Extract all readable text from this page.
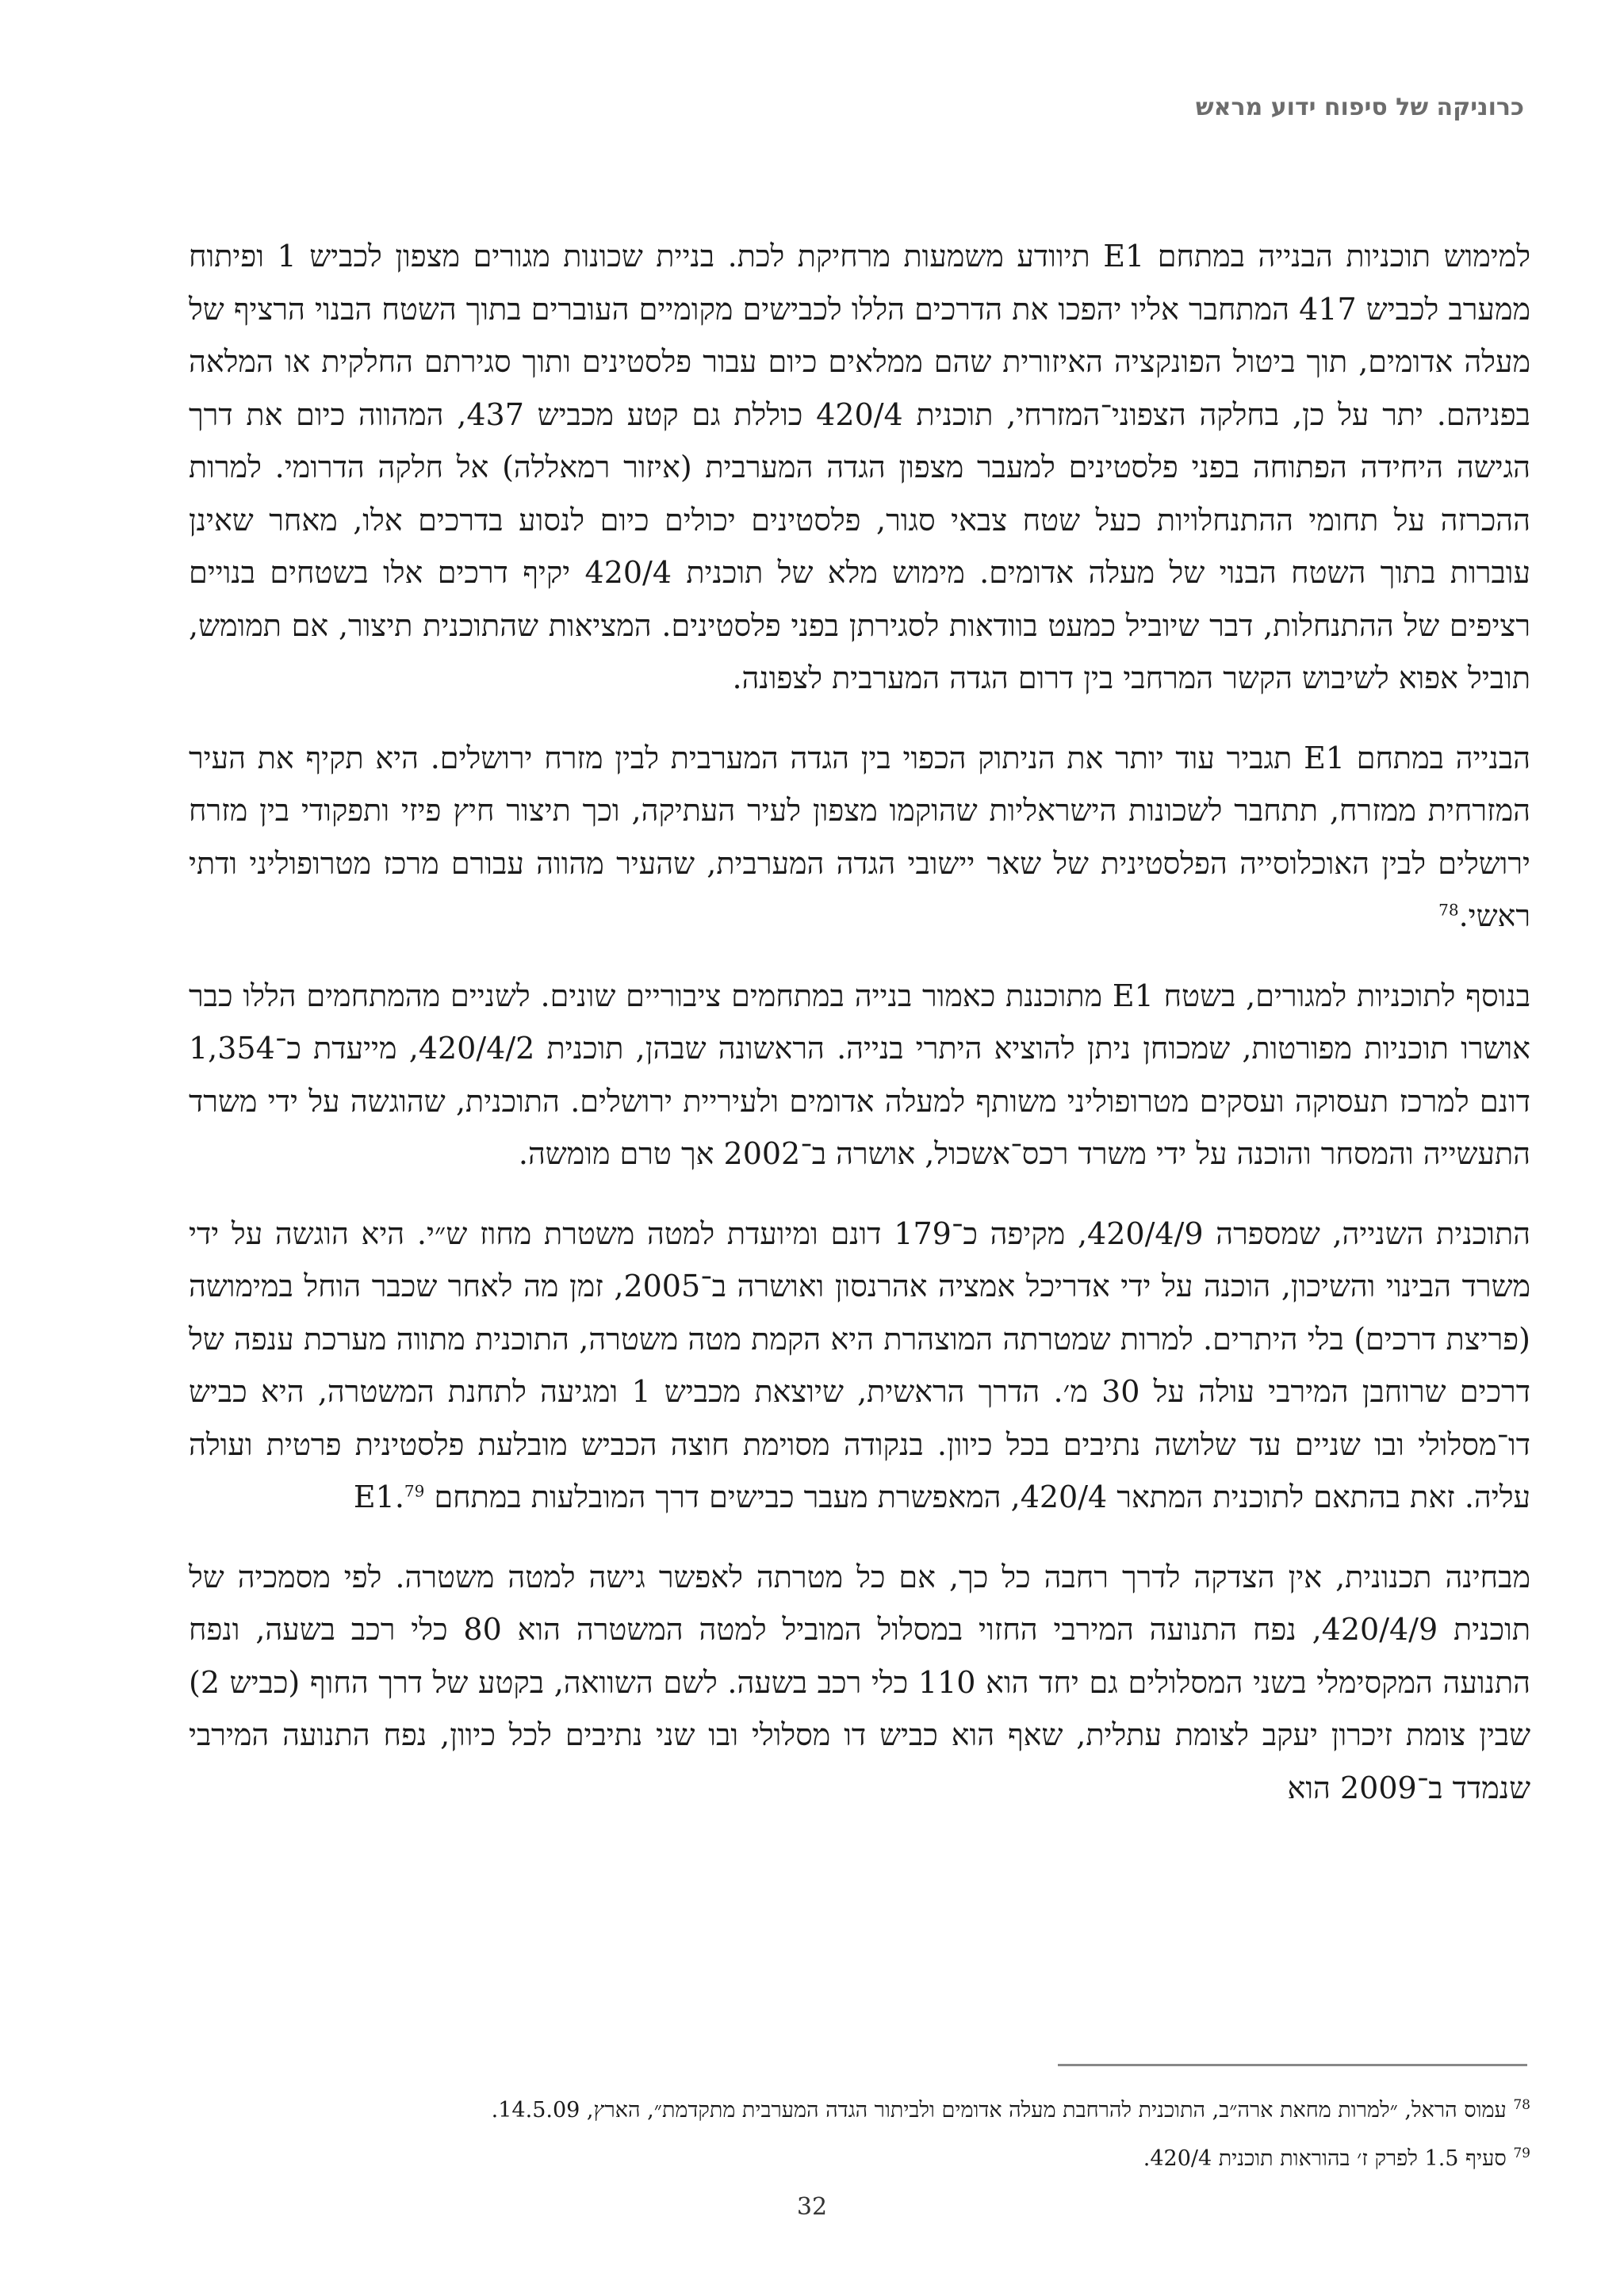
כרוניקה של סיפוח ידוע מראש

למימוש תוכניות הבנייה במתחם E1 תיוודע משמעות מרחיקת לכת. בניית שכונות מגורים מצפון לכביש 1 ופיתוח ממערב לכביש 417 המתחבר אליו יהפכו את הדרכים הללו לכבישים מקומיים העוברים בתוך השטח הבנוי הרציף של מעלה אדומים, תוך ביטול הפונקציה האיזורית שהם ממלאים כיום עבור פלסטינים ותוך סגירתם החלקית או המלאה בפניהם. יתר על כן, בחלקה הצפוני־המזרחי, תוכנית 420/4 כוללת גם קטע מכביש 437, המהווה כיום את דרך הגישה היחידה הפתוחה בפני פלסטינים למעבר מצפון הגדה המערבית (איזור רמאללה) אל חלקה הדרומי. למרות ההכרזה על תחומי ההתנחלויות כעל שטח צבאי סגור, פלסטינים יכולים כיום לנסוע בדרכים אלו, מאחר שאינן עוברות בתוך השטח הבנוי של מעלה אדומים. מימוש מלא של תוכנית 420/4 יקיף דרכים אלו בשטחים בנויים רציפים של ההתנחלות, דבר שיוביל כמעט בוודאות לסגירתן בפני פלסטינים. המציאות שהתוכנית תיצור, אם תמומש, תוביל אפוא לשיבוש הקשר המרחבי בין דרום הגדה המערבית לצפונה.

הבנייה במתחם E1 תגביר עוד יותר את הניתוק הכפוי בין הגדה המערבית לבין מזרח ירושלים. היא תקיף את העיר המזרחית ממזרח, תתחבר לשכונות הישראליות שהוקמו מצפון לעיר העתיקה, וכך תיצור חיץ פיזי ותפקודי בין מזרח ירושלים לבין האוכלוסייה הפלסטינית של שאר יישובי הגדה המערבית, שהעיר מהווה עבורם מרכז מטרופוליני ודתי ראשי.$^{78}$

בנוסף לתוכניות למגורים, בשטח E1 מתוכננת כאמור בנייה במתחמים ציבוריים שונים. לשניים מהמתחמים הללו כבר אושרו תוכניות מפורטות, שמכוחן ניתן להוציא היתרי בנייה. הראשונה שבהן, תוכנית 420/4/2, מייעדת כ־1,354 דונם למרכז תעסוקה ועסקים מטרופוליני משותף למעלה אדומים ולעיריית ירושלים. התוכנית, שהוגשה על ידי משרד התעשייה והמסחר והוכנה על ידי משרד רכס־אשכול, אושרה ב־2002 אך טרם מומשה.

התוכנית השנייה, שמספרה 420/4/9, מקיפה כ־179 דונם ומיועדת למטה משטרת מחוז ש״י. היא הוגשה על ידי משרד הבינוי והשיכון, הוכנה על ידי אדריכל אמציה אהרנסון ואושרה ב־2005, זמן מה לאחר שכבר הוחל במימושה (פריצת דרכים) בלי היתרים. למרות שמטרתה המוצהרת היא הקמת מטה משטרה, התוכנית מתווה מערכת ענפה של דרכים שרוחבן המירבי עולה על 30 מ׳. הדרך הראשית, שיוצאת מכביש 1 ומגיעה לתחנת המשטרה, היא כביש דו־מסלולי ובו שניים עד שלושה נתיבים בכל כיוון. בנקודה מסוימת חוצה הכביש מובלעת פלסטינית פרטית ועולה עליה. זאת בהתאם לתוכנית המתאר 420/4, המאפשרת מעבר כבישים דרך המובלעות במתחם E1.79

מבחינה תכנונית, אין הצדקה לדרך רחבה כל כך, אם כל מטרתה לאפשר גישה למטה משטרה. לפי מסמכיה של תוכנית 420/4/9, נפח התנועה המירבי החזוי במסלול המוביל למטה המשטרה הוא 80 כלי רכב בשעה, ונפח התנועה המקסימלי בשני המסלולים גם יחד הוא 110 כלי רכב בשעה. לשם השוואה, בקטע של דרך החוף (כביש 2) שבין צומת זיכרון יעקב לצומת עתלית, שאף הוא כביש דו מסלולי ובו שני נתיבים לכל כיוון, נפח התנועה המירבי שנמדד ב־2009 הוא

$^{78}$ עמוס הראל, ״למרות מחאת ארה״ב, התוכנית להרחבת מעלה אדומים ולביתור הגדה המערבית מתקדמת״, הארץ, 14.5.09.

$^{79}$ סעיף 1.5 לפרק ז׳ בהוראות תוכנית 420/4.

32
